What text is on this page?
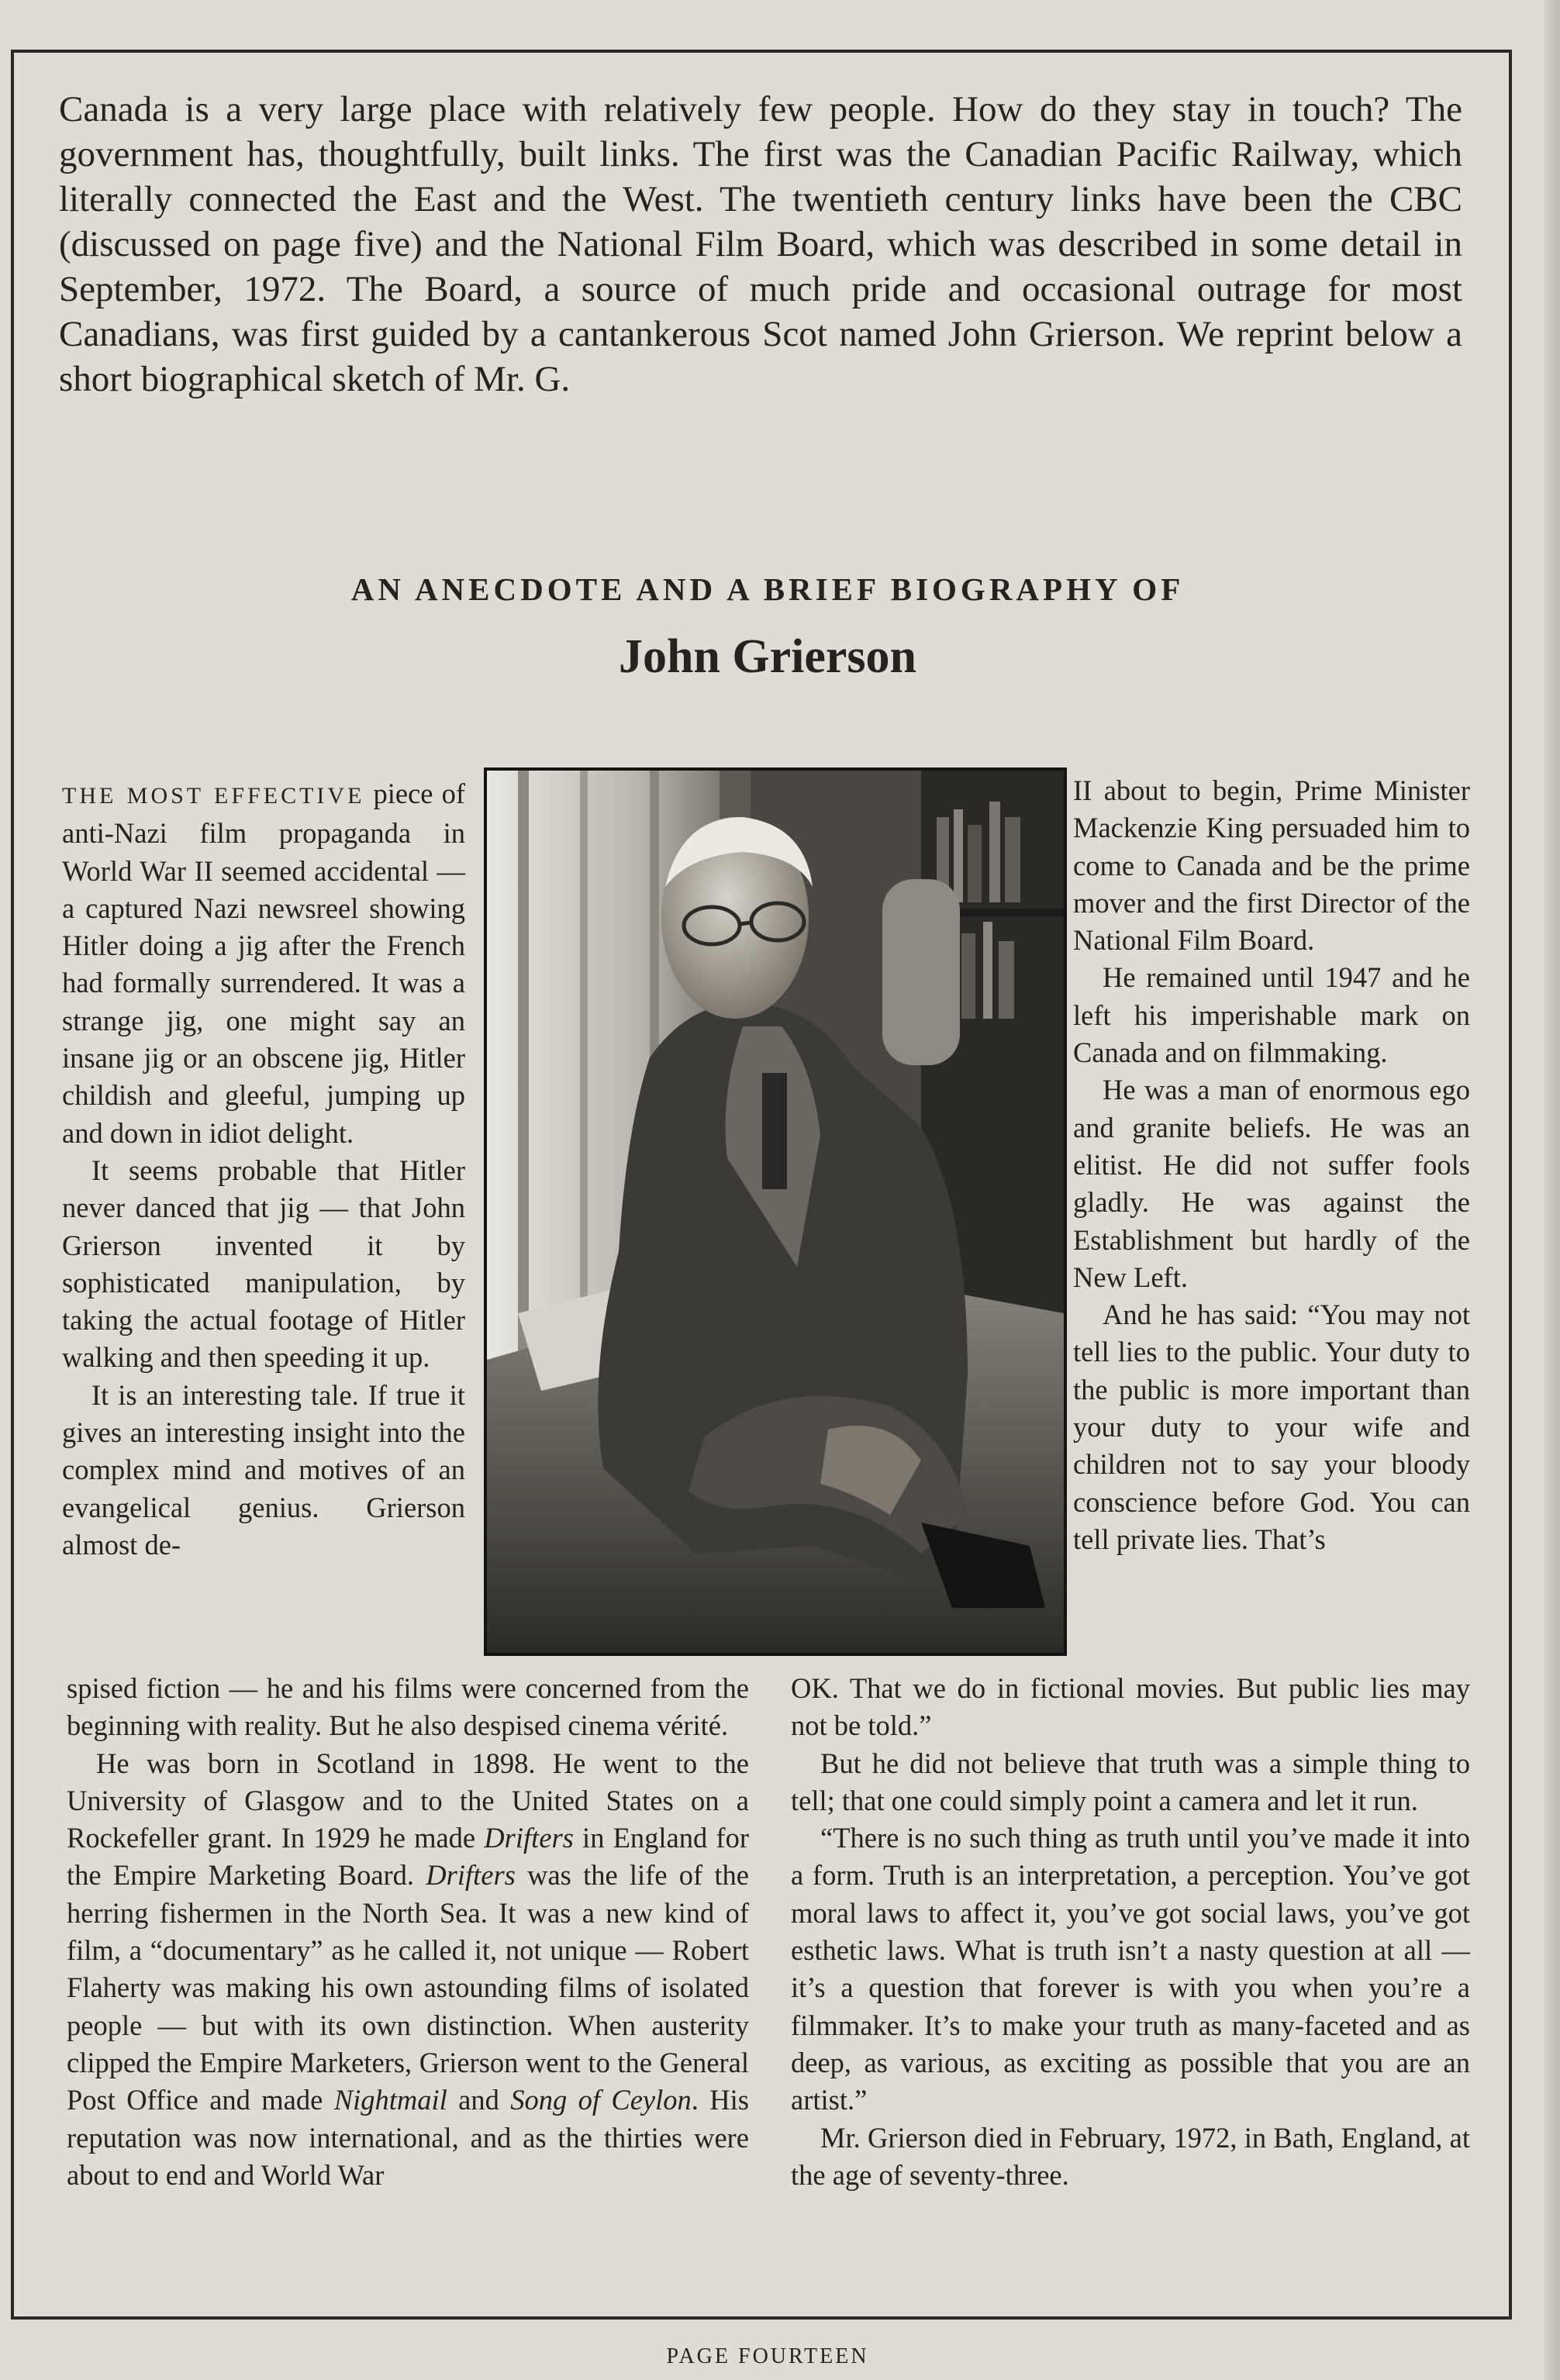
Canada is a very large place with relatively few people. How do they stay in touch? The government has, thoughtfully, built links. The first was the Canadian Pacific Railway, which literally connected the East and the West. The twentieth century links have been the CBC (discussed on page five) and the National Film Board, which was described in some detail in September, 1972. The Board, a source of much pride and occasional outrage for most Canadians, was first guided by a cantankerous Scot named John Grierson. We reprint below a short biographical sketch of Mr. G.

AN ANECDOTE AND A BRIEF BIOGRAPHY OF
John Grierson

THE MOST EFFECTIVE piece of anti-Nazi film propaganda in World War II seemed accidental — a captured Nazi newsreel showing Hitler doing a jig after the French had formally surrendered. It was a strange jig, one might say an insane jig or an obscene jig, Hitler childish and gleeful, jumping up and down in idiot delight.

It seems probable that Hitler never danced that jig — that John Grierson invented it by sophisticated manipulation, by taking the actual footage of Hitler walking and then speeding it up.

It is an interesting tale. If true it gives an interesting insight into the complex mind and motives of an evangelical genius. Grierson almost de-

II about to begin, Prime Minister Mackenzie King persuaded him to come to Canada and be the prime mover and the first Director of the National Film Board.

He remained until 1947 and he left his imperishable mark on Canada and on filmmaking.

He was a man of enormous ego and granite beliefs. He was an elitist. He did not suffer fools gladly. He was against the Establishment but hardly of the New Left.

And he has said: “You may not tell lies to the public. Your duty to the public is more important than your duty to your wife and children not to say your bloody conscience before God. You can tell private lies. That’s

spised fiction — he and his films were concerned from the beginning with reality. But he also despised cinema vérité.

He was born in Scotland in 1898. He went to the University of Glasgow and to the United States on a Rockefeller grant. In 1929 he made Drifters in England for the Empire Marketing Board. Drifters was the life of the herring fishermen in the North Sea. It was a new kind of film, a “documentary” as he called it, not unique — Robert Flaherty was making his own astounding films of isolated people — but with its own distinction. When austerity clipped the Empire Marketers, Grierson went to the General Post Office and made Nightmail and Song of Ceylon. His reputation was now international, and as the thirties were about to end and World War

OK. That we do in fictional movies. But public lies may not be told.”

But he did not believe that truth was a simple thing to tell; that one could simply point a camera and let it run.

“There is no such thing as truth until you’ve made it into a form. Truth is an interpretation, a perception. You’ve got moral laws to affect it, you’ve got social laws, you’ve got esthetic laws. What is truth isn’t a nasty question at all — it’s a question that forever is with you when you’re a filmmaker. It’s to make your truth as many-faceted and as deep, as various, as exciting as possible that you are an artist.”

Mr. Grierson died in February, 1972, in Bath, England, at the age of seventy-three.

PAGE FOURTEEN
